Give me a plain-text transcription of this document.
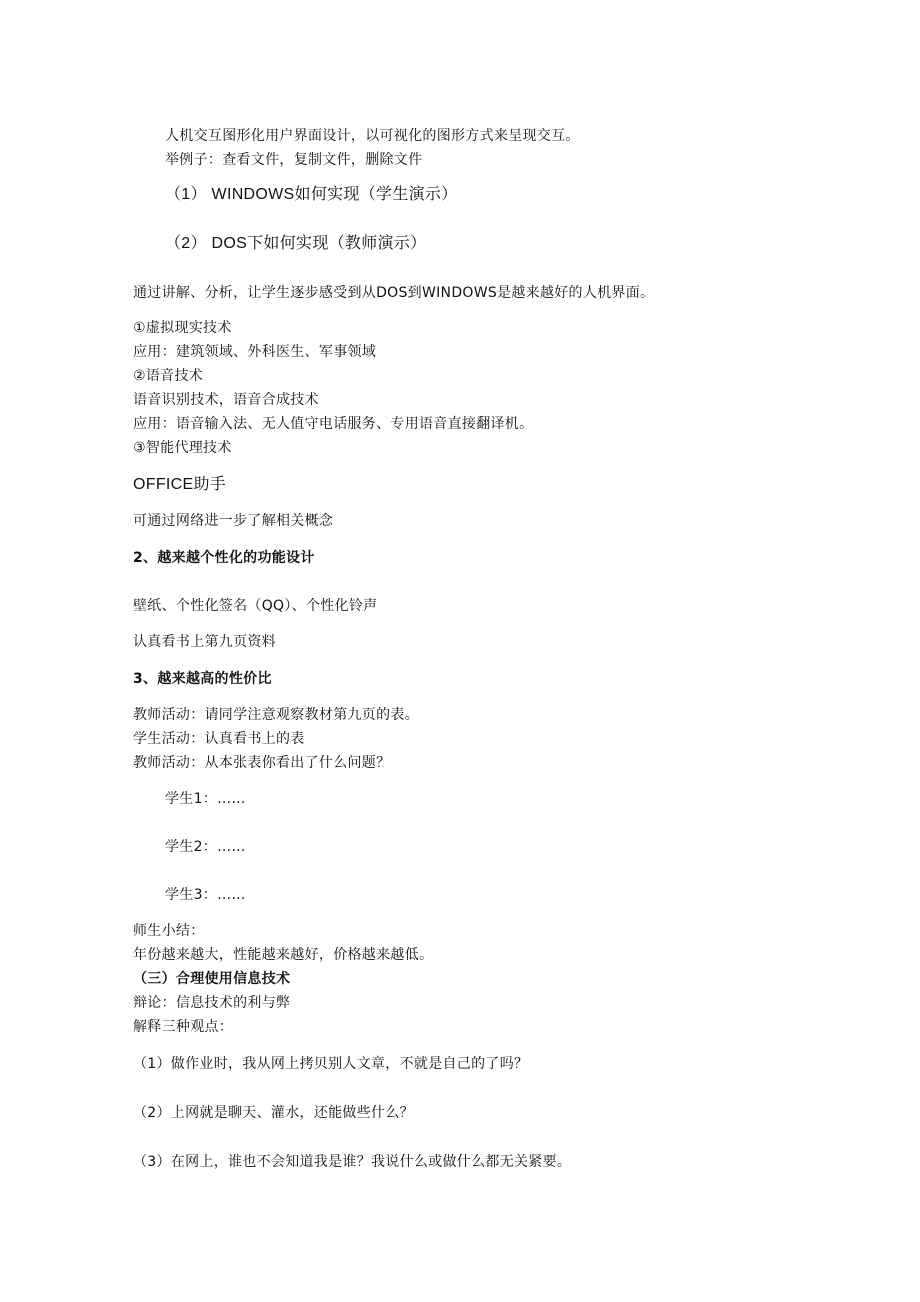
人机交互图形化用户界面设计，以可视化的图形方式来呈现交互。
举例子：查看文件，复制文件，删除文件
（1） WINDOWS如何实现（学生演示）
（2） DOS下如何实现（教师演示）
通过讲解、分析，让学生逐步感受到从DOS到WINDOWS是越来越好的人机界面。
①虚拟现实技术
应用：建筑领域、外科医生、军事领域
②语音技术
语音识别技术，语音合成技术
应用：语音输入法、无人值守电话服务、专用语音直接翻译机。
③智能代理技术
OFFICE助手
可通过网络进一步了解相关概念
2、越来越个性化的功能设计
壁纸、个性化签名（QQ）、个性化铃声
认真看书上第九页资料
3、越来越高的性价比
教师活动：请同学注意观察教材第九页的表。
学生活动：认真看书上的表
教师活动：从本张表你看出了什么问题？
学生1：……
学生2：……
学生3：……
师生小结：
年份越来越大，性能越来越好，价格越来越低。
（三）合理使用信息技术
辩论：信息技术的利与弊
解释三种观点：
（1）做作业时，我从网上拷贝别人文章，不就是自己的了吗？
（2）上网就是聊天、灌水，还能做些什么？
（3）在网上，谁也不会知道我是谁？我说什么或做什么都无关紧要。
